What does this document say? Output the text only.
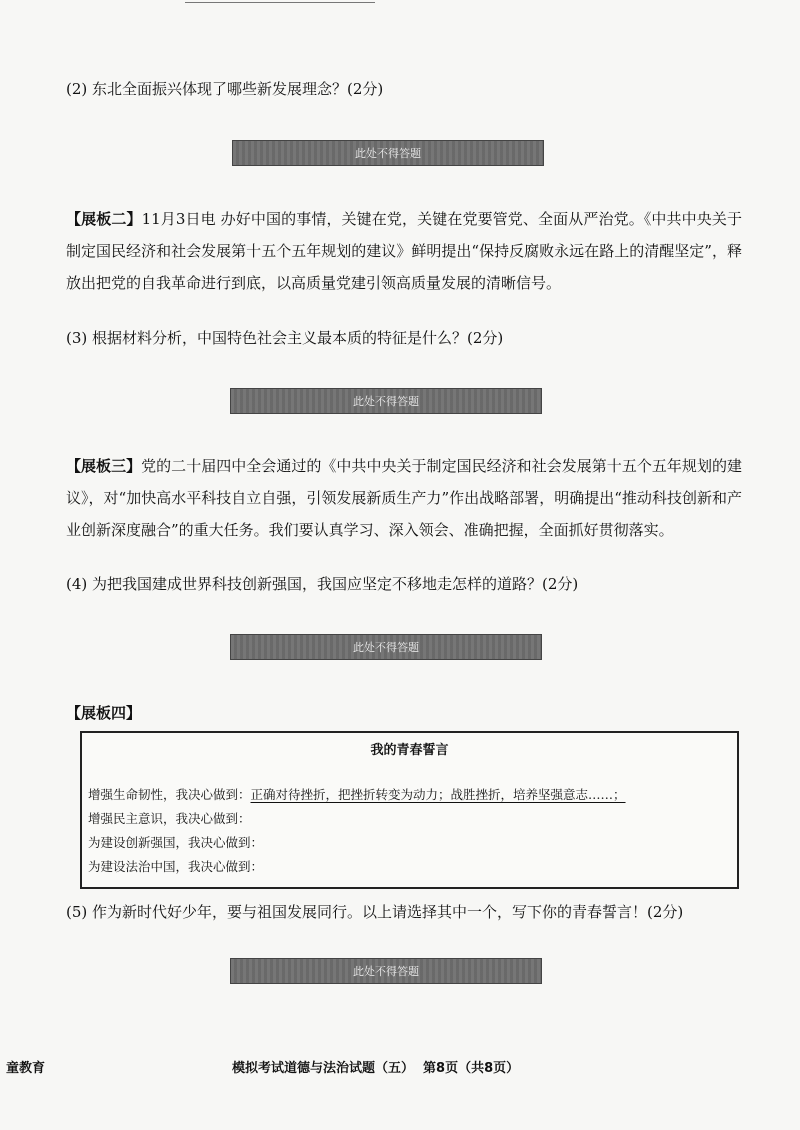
(2) 东北全面振兴体现了哪些新发展理念？(2分)
此处不得答题
【展板二】11月3日电 办好中国的事情，关键在党，关键在党要管党、全面从严治党。《中共中央关于制定国民经济和社会发展第十五个五年规划的建议》鲜明提出“保持反腐败永远在路上的清醒坚定”，释放出把党的自我革命进行到底，以高质量党建引领高质量发展的清晰信号。
(3) 根据材料分析，中国特色社会主义最本质的特征是什么？(2分)
此处不得答题
【展板三】党的二十届四中全会通过的《中共中央关于制定国民经济和社会发展第十五个五年规划的建议》，对“加快高水平科技自立自强，引领发展新质生产力”作出战略部署，明确提出“推动科技创新和产业创新深度融合”的重大任务。我们要认真学习、深入领会、准确把握，全面抓好贯彻落实。
(4) 为把我国建成世界科技创新强国，我国应坚定不移地走怎样的道路？(2分)
此处不得答题
【展板四】
我的青春誓言
增强生命韧性，我决心做到：正确对待挫折，把挫折转变为动力；战胜挫折，培养坚强意志……；
增强民主意识，我决心做到：
为建设创新强国，我决心做到：
为建设法治中国，我决心做到：
(5) 作为新时代好少年，要与祖国发展同行。以上请选择其中一个，写下你的青春誓言！(2分)
此处不得答题
童教育	模拟考试道德与法治试题（五）  第8页（共8页）
